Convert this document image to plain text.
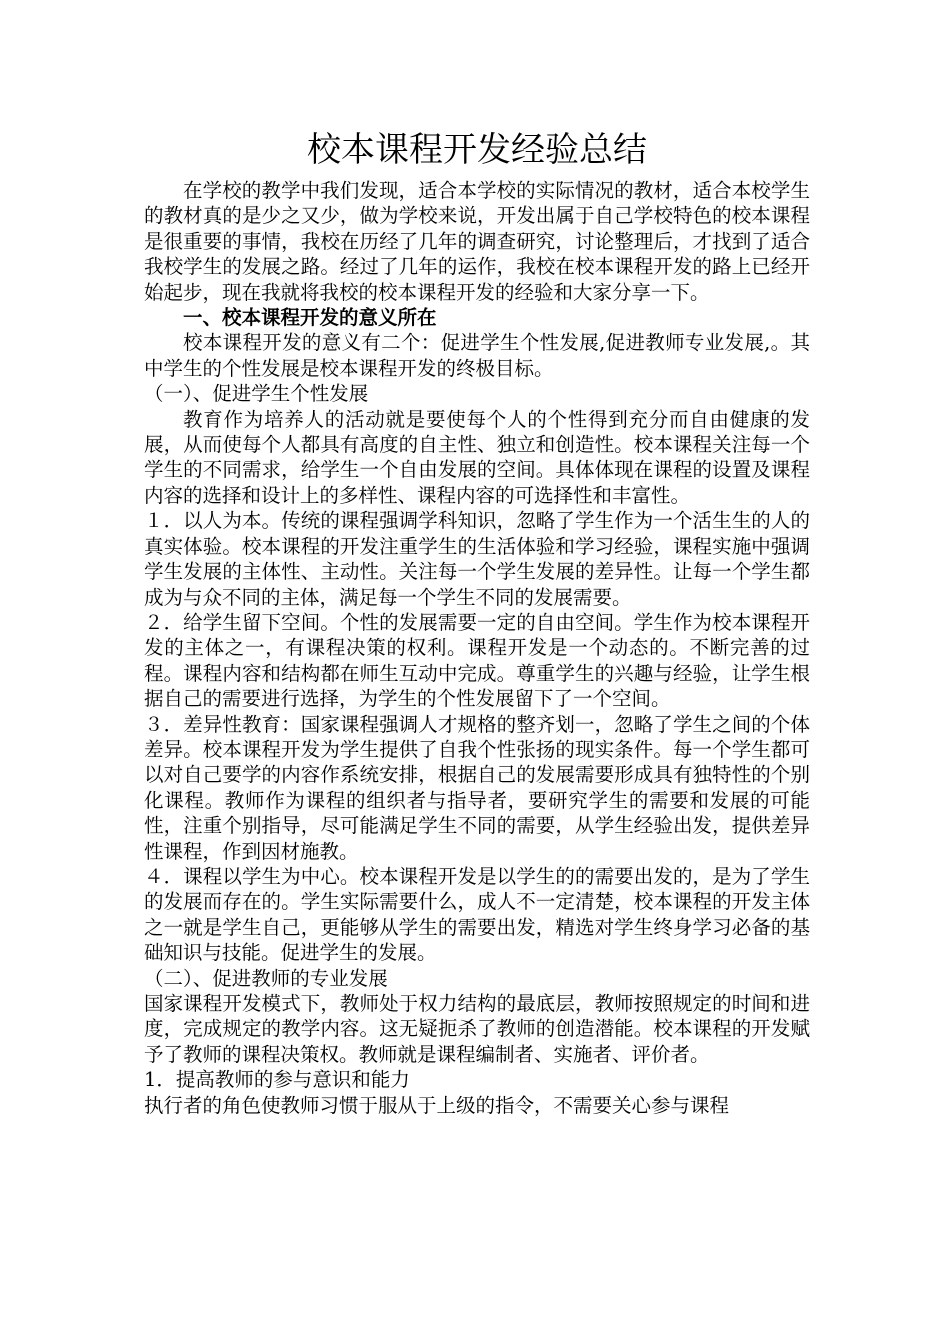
校本课程开发经验总结

在学校的教学中我们发现，适合本学校的实际情况的教材，适合本校学生的教材真的是少之又少，做为学校来说，开发出属于自己学校特色的校本课程是很重要的事情，我校在历经了几年的调查研究，讨论整理后，才找到了适合我校学生的发展之路。经过了几年的运作，我校在校本课程开发的路上已经开始起步，现在我就将我校的校本课程开发的经验和大家分享一下。

一、校本课程开发的意义所在

校本课程开发的意义有二个：促进学生个性发展,促进教师专业发展,。其中学生的个性发展是校本课程开发的终极目标。

（一）、促进学生个性发展

教育作为培养人的活动就是要使每个人的个性得到充分而自由健康的发展，从而使每个人都具有高度的自主性、独立和创造性。校本课程关注每一个学生的不同需求，给学生一个自由发展的空间。具体体现在课程的设置及课程内容的选择和设计上的多样性、课程内容的可选择性和丰富性。

１．以人为本。传统的课程强调学科知识，忽略了学生作为一个活生生的人的真实体验。校本课程的开发注重学生的生活体验和学习经验，课程实施中强调学生发展的主体性、主动性。关注每一个学生发展的差异性。让每一个学生都成为与众不同的主体，满足每一个学生不同的发展需要。

２．给学生留下空间。个性的发展需要一定的自由空间。学生作为校本课程开发的主体之一，有课程决策的权利。课程开发是一个动态的。不断完善的过程。课程内容和结构都在师生互动中完成。尊重学生的兴趣与经验，让学生根据自己的需要进行选择，为学生的个性发展留下了一个空间。

３．差异性教育：国家课程强调人才规格的整齐划一，忽略了学生之间的个体差异。校本课程开发为学生提供了自我个性张扬的现实条件。每一个学生都可以对自己要学的内容作系统安排，根据自己的发展需要形成具有独特性的个别化课程。教师作为课程的组织者与指导者，要研究学生的需要和发展的可能性，注重个别指导，尽可能满足学生不同的需要，从学生经验出发，提供差异性课程，作到因材施教。

４．课程以学生为中心。校本课程开发是以学生的的需要出发的，是为了学生的发展而存在的。学生实际需要什么，成人不一定清楚，校本课程的开发主体之一就是学生自己，更能够从学生的需要出发，精选对学生终身学习必备的基础知识与技能。促进学生的发展。

（二）、促进教师的专业发展

国家课程开发模式下，教师处于权力结构的最底层，教师按照规定的时间和进度，完成规定的教学内容。这无疑扼杀了教师的创造潜能。校本课程的开发赋予了教师的课程决策权。教师就是课程编制者、实施者、评价者。

1．提高教师的参与意识和能力

执行者的角色使教师习惯于服从于上级的指令，不需要关心参与课程
